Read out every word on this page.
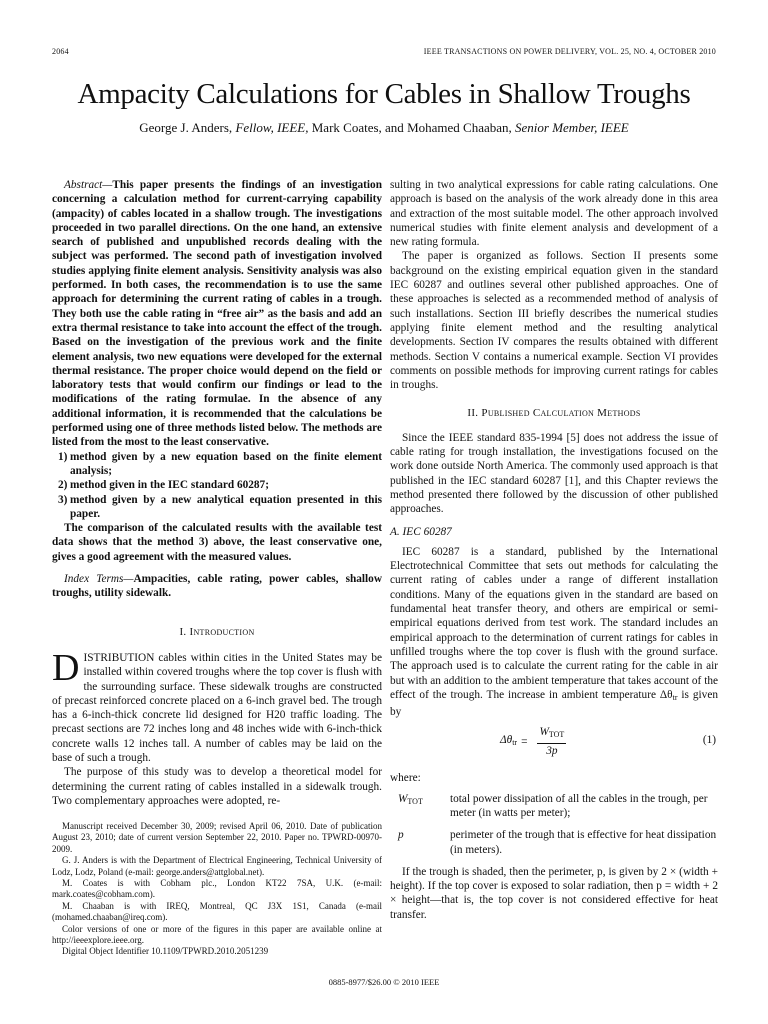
2064	IEEE TRANSACTIONS ON POWER DELIVERY, VOL. 25, NO. 4, OCTOBER 2010
Ampacity Calculations for Cables in Shallow Troughs
George J. Anders, Fellow, IEEE, Mark Coates, and Mohamed Chaaban, Senior Member, IEEE
Abstract—This paper presents the findings of an investigation concerning a calculation method for current-carrying capability (ampacity) of cables located in a shallow trough. The investigations proceeded in two parallel directions. On the one hand, an extensive search of published and unpublished records dealing with the subject was performed. The second path of investigation involved studies applying finite element analysis. Sensitivity analysis was also performed. In both cases, the recommendation is to use the same approach for determining the current rating of cables in a trough. They both use the cable rating in “free air” as the basis and add an extra thermal resistance to take into account the effect of the trough. Based on the investigation of the previous work and the finite element analysis, two new equations were developed for the external thermal resistance. The proper choice would depend on the field or laboratory tests that would confirm our findings or lead to the modifications of the rating formulae. In the absence of any additional information, it is recommended that the calculations be performed using one of three methods listed below. The methods are listed from the most to the least conservative.
1) method given by a new equation based on the finite element analysis;
2) method given in the IEC standard 60287;
3) method given by a new analytical equation presented in this paper.

The comparison of the calculated results with the available test data shows that the method 3) above, the least conservative one, gives a good agreement with the measured values.

Index Terms—Ampacities, cable rating, power cables, shallow troughs, utility sidewalk.

I. Introduction

DISTRIBUTION cables within cities in the United States may be installed within covered troughs where the top cover is flush with the surrounding surface. These sidewalk troughs are constructed of precast reinforced concrete placed on a 6-inch gravel bed. The trough has a 6-inch-thick concrete lid designed for H20 traffic loading. The precast sections are 72 inches long and 48 inches wide with 6-inch-thick concrete walls 12 inches tall. A number of cables may be laid on the base of such a trough.

The purpose of this study was to develop a theoretical model for determining the current rating of cables installed in a sidewalk trough. Two complementary approaches were adopted, re-

Manuscript received December 30, 2009; revised April 06, 2010. Date of publication August 23, 2010; date of current version September 22, 2010. Paper no. TPWRD-00970-2009.

G. J. Anders is with the Department of Electrical Engineering, Technical University of Lodz, Lodz, Poland (e-mail: george.anders@attglobal.net).

M. Coates is with Cobham plc., London KT22 7SA, U.K. (e-mail: mark.coates@cobham.com).

M. Chaaban is with IREQ, Montreal, QC J3X 1S1, Canada (e-mail (mohamed.chaaban@ireq.com).

Color versions of one or more of the figures in this paper are available online at http://ieeexplore.ieee.org.

Digital Object Identifier 10.1109/TPWRD.2010.2051239

sulting in two analytical expressions for cable rating calculations. One approach is based on the analysis of the work already done in this area and extraction of the most suitable model. The other approach involved numerical studies with finite element analysis and development of a new rating formula.

The paper is organized as follows. Section II presents some background on the existing empirical equation given in the standard IEC 60287 and outlines several other published approaches. One of these approaches is selected as a recommended method of analysis of such installations. Section III briefly describes the numerical studies applying finite element method and the resulting analytical developments. Section IV compares the results obtained with different methods. Section V contains a numerical example. Section VI provides comments on possible methods for improving current ratings for cables in troughs.

II. Published Calculation Methods

Since the IEEE standard 835-1994 [5] does not address the issue of cable rating for trough installation, the investigations focused on the work done outside North America. The commonly used approach is that published in the IEC standard 60287 [1], and this Chapter reviews the method presented there followed by the discussion of other published approaches.

A. IEC 60287

IEC 60287 is a standard, published by the International Electrotechnical Committee that sets out methods for calculating the current rating of cables under a range of different installation conditions. Many of the equations given in the standard are based on fundamental heat transfer theory, and others are empirical or semi-empirical equations derived from test work. The standard includes an empirical approach to the determination of current ratings for cables in unfilled troughs where the top cover is flush with the ground surface. The approach used is to calculate the current rating for the cable in air but with an addition to the ambient temperature that takes account of the effect of the trough. The increase in ambient temperature $\Delta\theta_{tr}$ is given by

$\Delta\theta_{tr} = \frac{W_{TOT}}{3p}$	(1)

where:

$W_{TOT}$	total power dissipation of all the cables in the trough, per meter (in watts per meter);
p	perimeter of the trough that is effective for heat dissipation (in meters).

If the trough is shaded, then the perimeter, p, is given by 2 × (width + height). If the top cover is exposed to solar radiation, then p = width + 2 × height—that is, the top cover is not considered effective for heat transfer.

0885-8977/$26.00 © 2010 IEEE
